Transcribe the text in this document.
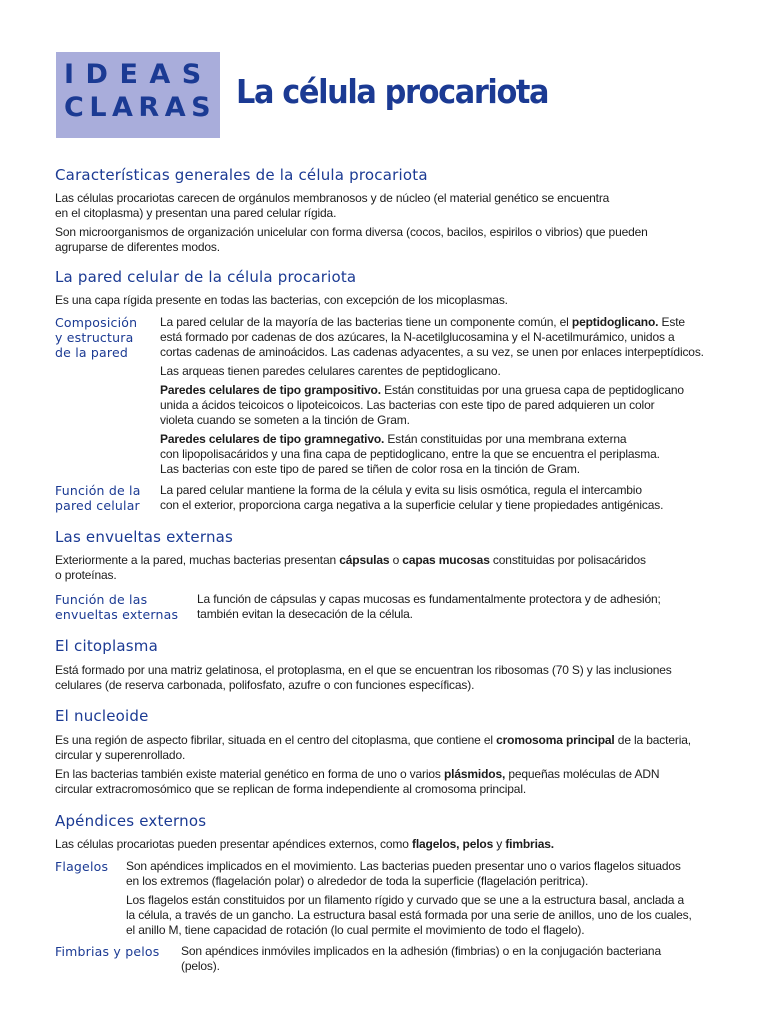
IDEAS
CLARAS La célula procariota
Características generales de la célula procariota

Las células procariotas carecen de orgánulos membranosos y de núcleo (el material genético se encuentra

en el citoplasma) y presentan una pared celular rígida.

Son microorganismos de organización unicelular con forma diversa (cocos, bacilos, espirilos o vibrios) que pueden

agruparse de diferentes modos.

La pared celular de la célula procariota

Es una capa rígida presente en todas las bacterias, con excepción de los micoplasmas.

Composición
y estructura
de la pared

La pared celular de la mayoría de las bacterias tiene un componente común, el peptidoglicano. Este

está formado por cadenas de dos azúcares, la N-acetilglucosamina y el N-acetilmurámico, unidos a

cortas cadenas de aminoácidos. Las cadenas adyacentes, a su vez, se unen por enlaces interpeptídicos.

Las arqueas tienen paredes celulares carentes de peptidoglicano.

Paredes celulares de tipo grampositivo. Están constituidas por una gruesa capa de peptidoglicano

unida a ácidos teicoicos o lipoteicoicos. Las bacterias con este tipo de pared adquieren un color

violeta cuando se someten a la tinción de Gram.

Paredes celulares de tipo gramnegativo. Están constituidas por una membrana externa

con lipopolisacáridos y una fina capa de peptidoglicano, entre la que se encuentra el periplasma.

Las bacterias con este tipo de pared se tiñen de color rosa en la tinción de Gram.

Función de la
pared celular

La pared celular mantiene la forma de la célula y evita su lisis osmótica, regula el intercambio

con el exterior, proporciona carga negativa a la superficie celular y tiene propiedades antigénicas.

Las envueltas externas

Exteriormente a la pared, muchas bacterias presentan cápsulas o capas mucosas constituidas por polisacáridos

o proteínas.

Función de las
envueltas externas

La función de cápsulas y capas mucosas es fundamentalmente protectora y de adhesión;

también evitan la desecación de la célula.

El citoplasma

Está formado por una matriz gelatinosa, el protoplasma, en el que se encuentran los ribosomas (70 S) y las inclusiones

celulares (de reserva carbonada, polifosfato, azufre o con funciones específicas).

El nucleoide

Es una región de aspecto fibrilar, situada en el centro del citoplasma, que contiene el cromosoma principal de la bacteria,

circular y superenrollado.

En las bacterias también existe material genético en forma de uno o varios plásmidos, pequeñas moléculas de ADN

circular extracromosómico que se replican de forma independiente al cromosoma principal.

Apéndices externos

Las células procariotas pueden presentar apéndices externos, como flagelos, pelos y fimbrias.

Flagelos	Son apéndices implicados en el movimiento. Las bacterias pueden presentar uno o varios flagelos situados

en los extremos (flagelación polar) o alrededor de toda la superficie (flagelación peritrica).

Los flagelos están constituidos por un filamento rígido y curvado que se une a la estructura basal, anclada a

la célula, a través de un gancho. La estructura basal está formada por una serie de anillos, uno de los cuales,

el anillo M, tiene capacidad de rotación (lo cual permite el movimiento de todo el flagelo).

Fimbrias y pelos	Son apéndices inmóviles implicados en la adhesión (fimbrias) o en la conjugación bacteriana

(pelos).
